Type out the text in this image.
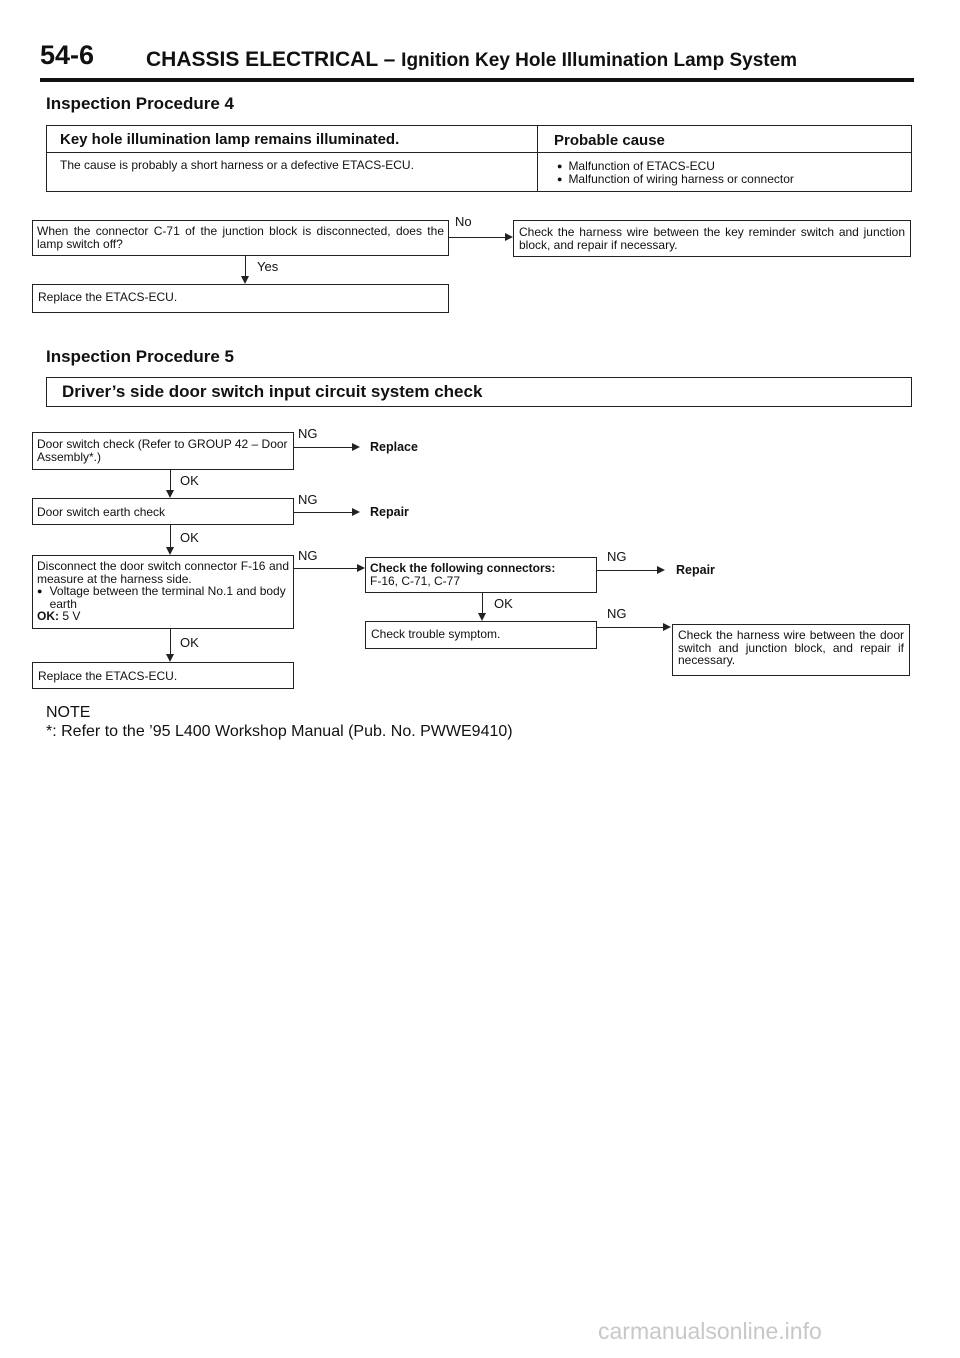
54-6 CHASSIS ELECTRICAL – Ignition Key Hole Illumination Lamp System
Inspection Procedure 4
Key hole illumination lamp remains illuminated.	Probable cause
The cause is probably a short harness or a defective ETACS-ECU.
●	Malfunction of ETACS-ECU
● Malfunction of wiring harness or connector
When the connector C-71 of the junction block is disconnected, does the lamp switch off?
No
Check the harness wire between the key reminder switch and junction block, and repair if necessary.
Yes
Replace the ETACS-ECU.
Inspection Procedure 5
Driver’s side door switch input circuit system check
Door switch check (Refer to GROUP 42 – Door Assembly*.)
NG
Replace
OK
Door switch earth check
NG
Repair
OK
Disconnect the door switch connector F-16 and measure at the harness side.
● Voltage between the terminal No.1 and body earth
OK: 5 V
NG
OK
Replace the ETACS-ECU.
Check the following connectors:
F-16, C-71, C-77
NG
Repair
OK
Check trouble symptom.
NG
Check the harness wire between the door switch and junction block, and repair if necessary.
NOTE
*: Refer to the ’95 L400 Workshop Manual (Pub. No. PWWE9410)
carmanualsonline.info
